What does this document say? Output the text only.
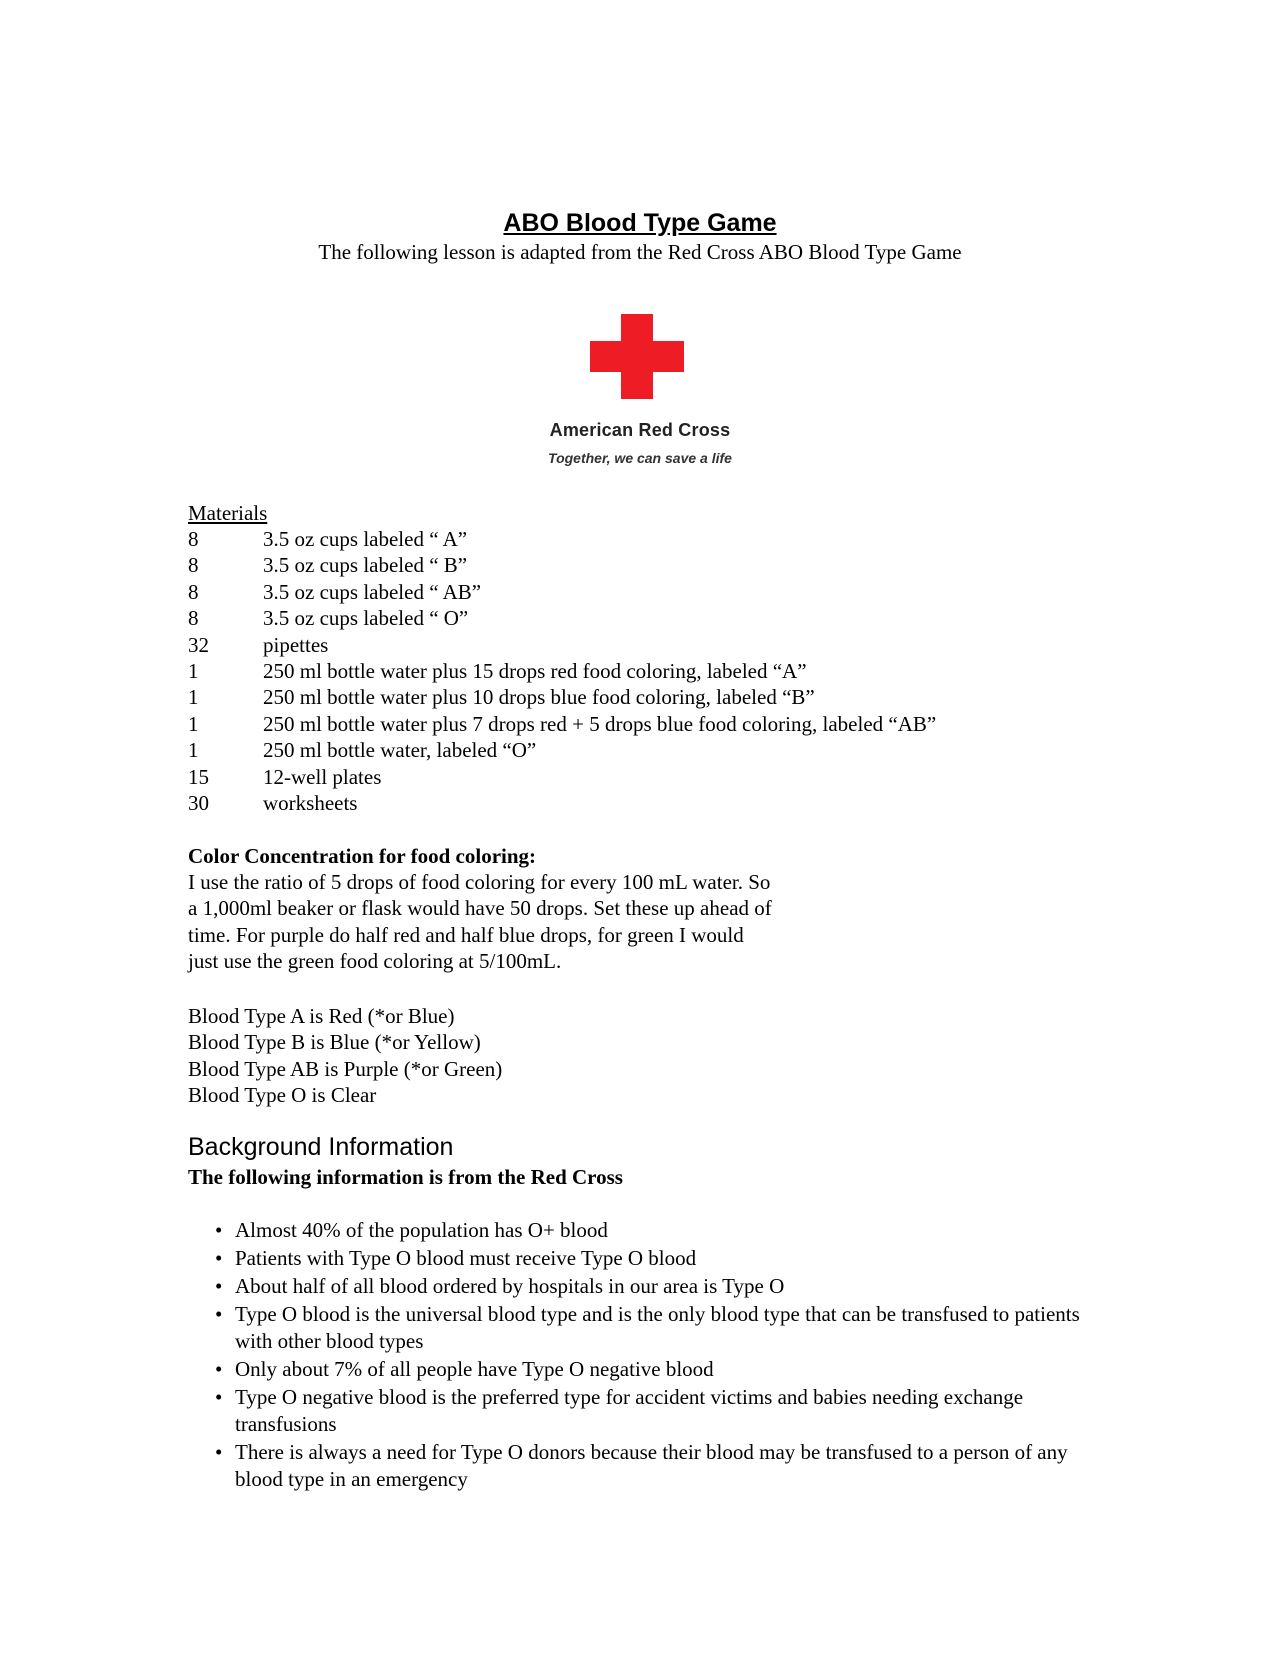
ABO Blood Type Game
The following lesson is adapted from the Red Cross ABO Blood Type Game
American Red Cross
Together, we can save a life
Materials
8	3.5 oz cups labeled “ A”
8	3.5 oz cups labeled “ B”
8	3.5 oz cups labeled “ AB”
8	3.5 oz cups labeled “ O”
32	pipettes
1	250 ml bottle water plus 15 drops red food coloring, labeled “A”
1	250 ml bottle water plus 10 drops blue food coloring, labeled “B”
1	250 ml bottle water plus 7 drops red + 5 drops blue food coloring, labeled “AB”
1	250 ml bottle water, labeled “O”
15	12-well plates
30	worksheets
Color Concentration for food coloring:
I use the ratio of 5 drops of food coloring for every 100 mL water. So
a 1,000ml beaker or flask would have 50 drops. Set these up ahead of
time. For purple do half red and half blue drops, for green I would
just use the green food coloring at 5/100mL.
Blood Type A is Red (*or Blue)
Blood Type B is Blue (*or Yellow)
Blood Type AB is Purple (*or Green)
Blood Type O is Clear
Background Information
The following information is from the Red Cross
• Almost 40% of the population has O+ blood
• Patients with Type O blood must receive Type O blood
• About half of all blood ordered by hospitals in our area is Type O
• Type O blood is the universal blood type and is the only blood type that can be transfused to patients with other blood types
• Only about 7% of all people have Type O negative blood
• Type O negative blood is the preferred type for accident victims and babies needing exchange transfusions
• There is always a need for Type O donors because their blood may be transfused to a person of any blood type in an emergency
